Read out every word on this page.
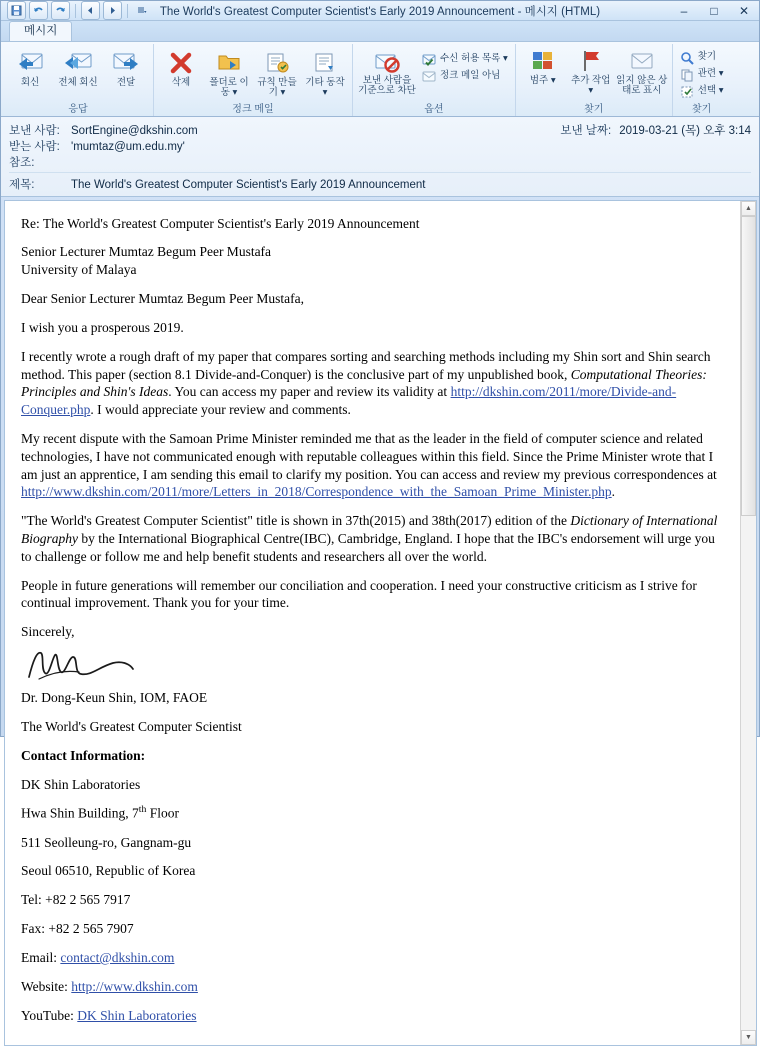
The World's Greatest Computer Scientist's Early 2019 Announcement - 메시지 (HTML)	–	□	✕
메시지
회신 전체 회신 전달
응답
삭제	폴더로 이동 ▾
규칙 만들기 ▾
기타 동작 ▾
정크 메일
보낸 사람을 기준으로 차단
수신 허용 목록 ▾
정크 메일 아님
옵션
범주 ▾	추가 작업 ▾
읽지 않은 상태로 표시
찾기
찾기
관련 ▾
선택 ▾
찾기
보낸 사람: SortEngine@dkshin.com	보낸 날짜: 2019-03-21 (목) 오후 3:14
받는 사람: 'mumtaz@um.edu.my'
참조:
제목:	The World's Greatest Computer Scientist's Early 2019 Announcement

Re: The World's Greatest Computer Scientist's Early 2019 Announcement

Senior Lecturer Mumtaz Begum Peer Mustafa

University of Malaya

Dear Senior Lecturer Mumtaz Begum Peer Mustafa,

I wish you a prosperous 2019.

I recently wrote a rough draft of my paper that compares sorting and searching methods including my Shin sort and Shin search method. This paper (section 8.1 Divide-and-Conquer) is the conclusive part of my unpublished book, Computational Theories: Principles and Shin's Ideas. You can access my paper and review its validity at http://dkshin.com/2011/more/Divide-and-Conquer.php. I would appreciate your review and comments.

My recent dispute with the Samoan Prime Minister reminded me that as the leader in the field of computer science and related technologies, I have not communicated enough with reputable colleagues within this field. Since the Prime Minister wrote that I am just an apprentice, I am sending this email to clarify my position. You can access and review my previous correspondences at http://www.dkshin.com/2011/more/Letters_in_2018/Correspondence_with_the_Samoan_Prime_Minister.php.

"The World's Greatest Computer Scientist" title is shown in 37th(2015) and 38th(2017) edition of the Dictionary of International Biography by the International Biographical Centre(IBC), Cambridge, England. I hope that the IBC's endorsement will urge you to challenge or follow me and help benefit students and researchers all over the world.

People in future generations will remember our conciliation and cooperation. I need your constructive criticism as I strive for continual improvement. Thank you for your time.

Sincerely,

Dr. Dong-Keun Shin, IOM, FAOE

The World's Greatest Computer Scientist

Contact Information:

DK Shin Laboratories

Hwa Shin Building, 7th Floor

511 Seolleung-ro, Gangnam-gu

Seoul 06510, Republic of Korea

Tel: +82 2 565 7917

Fax: +82 2 565 7907

Email: contact@dkshin.com

Website: http://www.dkshin.com

YouTube: DK Shin Laboratories

▲
▼
